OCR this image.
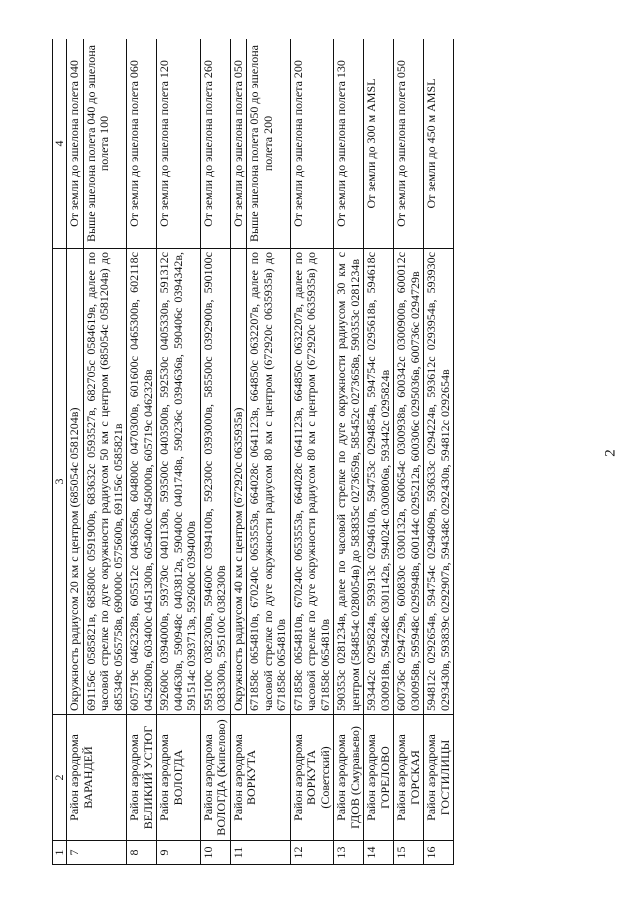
2
1	2	3	4
7	Район аэродрома ВАРАНДЕЙ	Окружность радиусом 20 км с центром (685054с 0581204в)	От земли до эшелона полета 040
		691156с 0585821в, 685800с 0591900в, 683632с 0593527в, 682705с 0584619в, далее по часовой стрелке по дуге окружности радиусом 50 км с центром (685054с 0581204в) до 685349с 0565758в, 690000с 0575600в, 691156с 0585821в	Выше эшелона полета 040 до эшелона полета 100
8	Район аэродрома ВЕЛИКИЙ УСТЮГ	605719с 0462328в, 605512с 0463656в, 604800с 0470300в, 601600с 0465300в, 602118с 0452800в, 603400с 0451300в, 605400с 0450000в, 605719с 0462328в	От земли до эшелона полета 060
9	Район аэродрома ВОЛОГДА	592600с 0394000в, 593730с 0401130в, 593500с 0403500в, 592530с 0405330в, 591312с 0404630в, 590948с 0403812в, 590400с 0401748в, 590236с 0394636в, 590406с 0394342в, 591514с 0393713в, 592600с 0394000в	От земли до эшелона полета 120
10	Район аэродрома ВОЛОГДА (Кипелово)	595100с 0382300в, 594600с 0394100в, 592300с 0393000в, 585500с 0392900в, 590100с 0383300в, 595100с 0382300в	От земли до эшелона полета 260
11	Район аэродрома ВОРКУТА	Окружность радиусом 40 км с центром (672920с 0635935в)	От земли до эшелона полета 050
		671858с 0654810в, 670240с 0653553в, 664028с 0641123в, 664850с 0632207в, далее по часовой стрелке по дуге окружности радиусом 80 км с центром (672920с 0635935в) до 671858с 0654810в	Выше эшелона полета 050 до эшелона полета 200
12	Район аэродрома ВОРКУТА (Советский)	671858с 0654810в, 670240с 0653553в, 664028с 0641123в, 664850с 0632207в, далее по часовой стрелке по дуге окружности радиусом 80 км с центром (672920с 0635935в) до 671858с 0654810в	От земли до эшелона полета 200
13	Район аэродрома ГДОВ (Смуравьево)	590353с 0281234в, далее по часовой стрелке по дуге окружности радиусом 30 км с центром (584854с 0280054в) до 583835с 0273659в, 585452с 0273658в, 590353с 0281234в	От земли до эшелона полета 130
14	Район аэродрома ГОРЕЛОВО	593442с 0295824в, 593913с 0294610в, 594753с 0294854в, 594754с 0295618в, 594618с 0300918в, 594248с 0301142в, 594024с 0300806в, 593442с 0295824в	От земли до 300 м AMSL
15	Район аэродрома ГОРСКАЯ	600736с 0294729в, 600830с 0300132в, 600654с 0300938в, 600342с 0300900в, 600012с 0300958в, 595948с 0295948в, 600144с 0295212в, 600306с 0295036в, 600736с 0294729в	От земли до эшелона полета 050
16	Район аэродрома ГОСТИЛИЦЫ	594812с 0292654в, 594754с 0294609в, 593633с 0294224в, 593612с 0293954в, 593930с 0293430в, 593839с 0292907в, 594348с 0292430в, 594812с 0292654в	От земли до 450 м AMSL
